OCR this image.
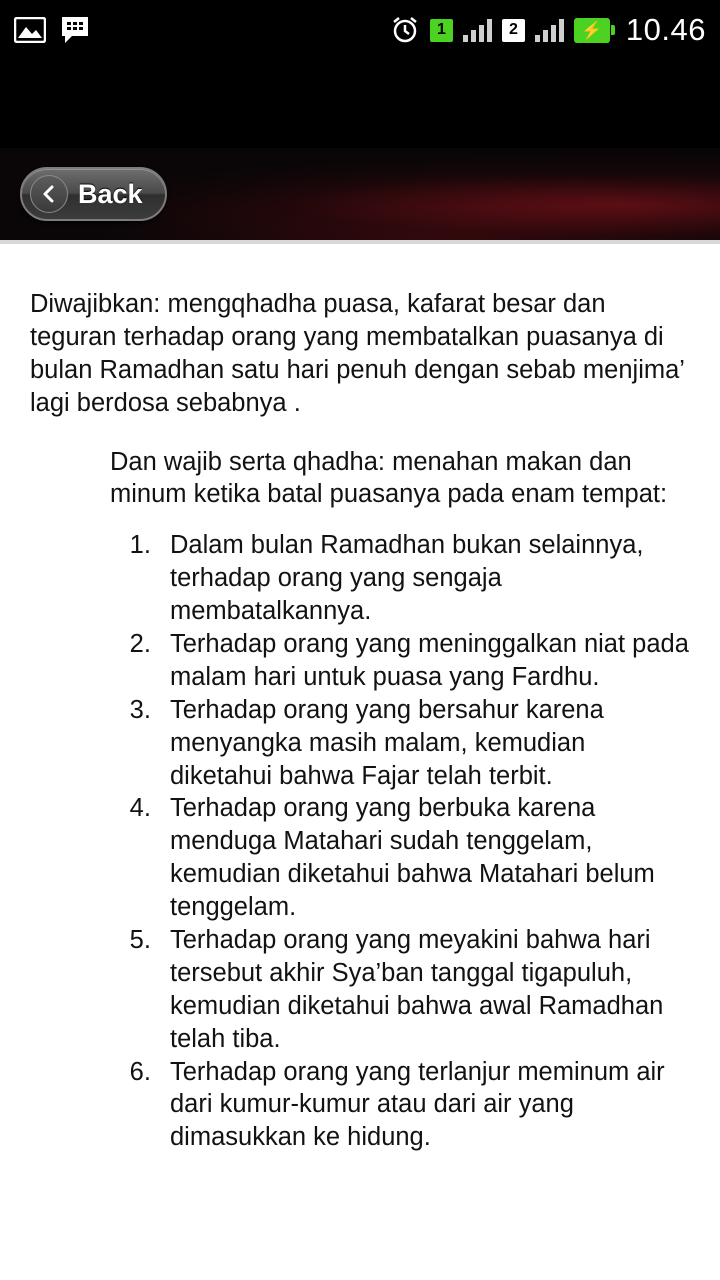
1	2	⚡ 10.46
Back

Diwajibkan: mengqhadha puasa, kafarat besar dan teguran terhadap orang yang membatalkan puasanya di bulan Ramadhan satu hari penuh dengan sebab menjima’ lagi berdosa sebabnya .

Dan wajib serta qhadha: menahan makan dan minum ketika batal puasanya pada enam tempat:

1. Dalam bulan Ramadhan bukan selainnya, terhadap orang yang sengaja membatalkannya.
2. Terhadap orang yang meninggalkan niat pada malam hari untuk puasa yang Fardhu.
3. Terhadap orang yang bersahur karena menyangka masih malam, kemudian diketahui bahwa Fajar telah terbit.
4. Terhadap orang yang berbuka karena menduga Matahari sudah tenggelam, kemudian diketahui bahwa Matahari belum tenggelam.
5. Terhadap orang yang meyakini bahwa hari tersebut akhir Sya’ban tanggal tigapuluh, kemudian diketahui bahwa awal Ramadhan telah tiba.
6. Terhadap orang yang terlanjur meminum air dari kumur-kumur atau dari air yang dimasukkan ke hidung.
